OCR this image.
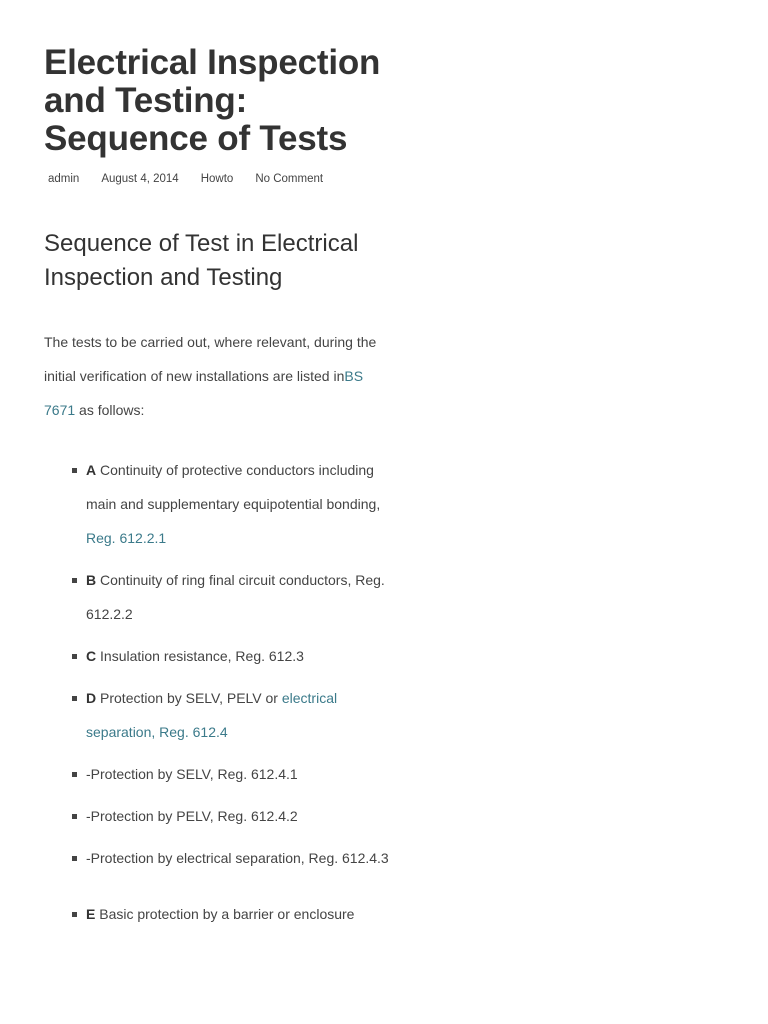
Electrical Inspection and Testing: Sequence of Tests
admin August 4, 2014 Howto No Comment
Sequence of Test in Electrical Inspection and Testing

The tests to be carried out, where relevant, during the initial verification of new installations are listed inBS 7671 as follows:

A Continuity of protective conductors including main and supplementary equipotential bonding, Reg. 612.2.1
B Continuity of ring final circuit conductors, Reg. 612.2.2
C Insulation resistance, Reg. 612.3
D Protection by SELV, PELV or electrical separation, Reg. 612.4
-Protection by SELV, Reg. 612.4.1
-Protection by PELV, Reg. 612.4.2
-Protection by electrical separation, Reg. 612.4.3
E Basic protection by a barrier or enclosure
